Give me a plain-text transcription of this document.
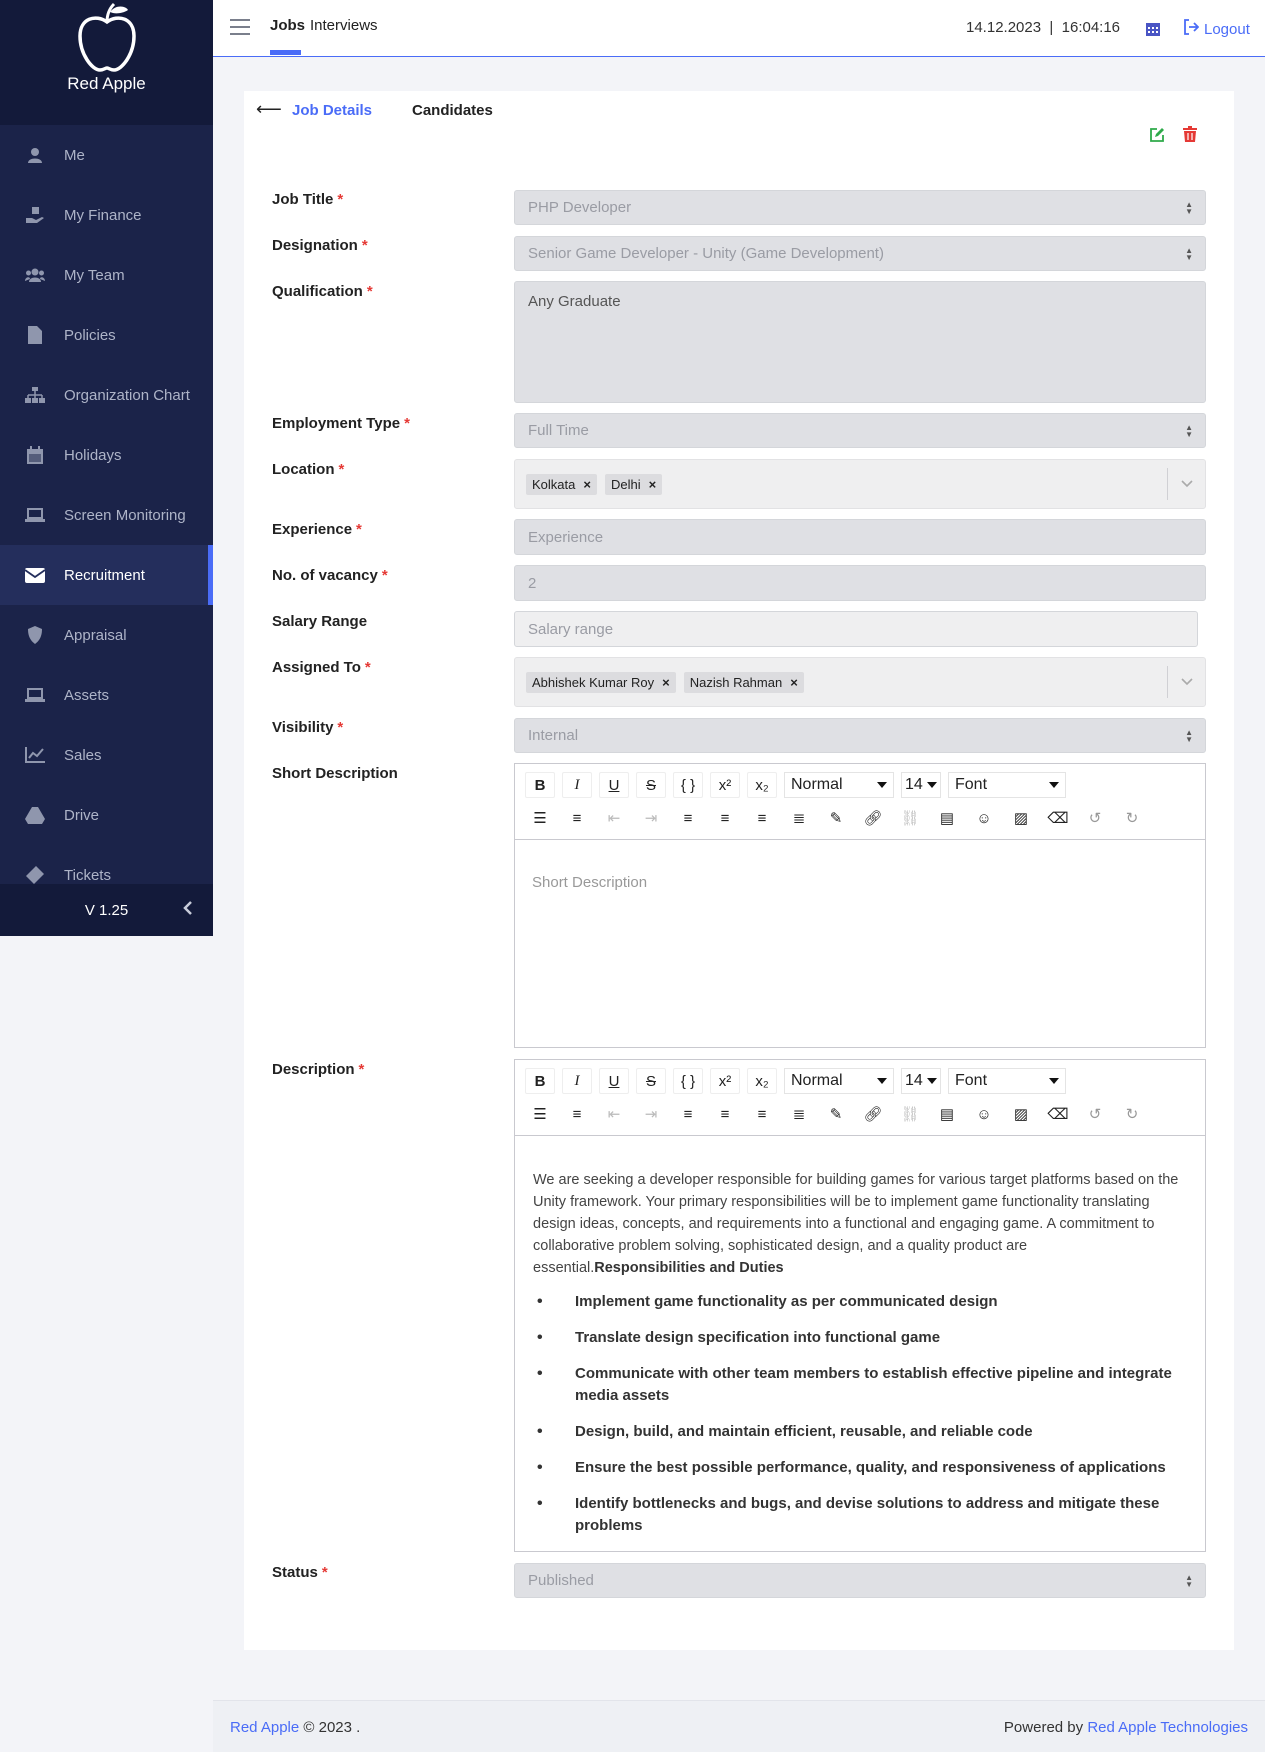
Red Apple
Me
My Finance
My Team
Policies
Organization Chart
Holidays
Screen Monitoring
Recruitment
Appraisal
Assets
Sales
Drive
Tickets
V 1.25
Jobs Interviews	14.12.2023  |  16:04:16	Logout
⟵ Job Details	Candidates
Job Title *	PHP Developer	▲
▼
Designation *	Senior Game Developer - Unity (Game Development)	▲
▼
Qualification *
Any Graduate
Employment Type *	Full Time	▲
▼
Location *
Kolkata × Delhi ×
Experience *	Experience
No. of vacancy *	2
Salary Range	Salary range
Assigned To *
Abhishek Kumar Roy × Nazish Rahman ×
Visibility *	Internal	▲
▼
Short Description
B I U S	{ }	x²	x₂	Normal	14 Font
☰	≡	⇤	⇥	≡	≡	≡	≣	✎	🔗︎	⛓	▤	☺	▨	⌫	↺	↻
Short Description
Description *
B I U S	{ }	x²	x₂	Normal	14 Font
☰	≡	⇤	⇥	≡	≡	≡	≣	✎	🔗︎	⛓	▤	☺	▨	⌫	↺	↻
We are seeking a developer responsible for building games for various target platforms based on the Unity framework. Your primary responsibilities will be to implement game functionality translating design ideas, concepts, and requirements into a functional and engaging game. A commitment to collaborative problem solving, sophisticated design, and a quality product are essential.Responsibilities and Duties
• Implement game functionality as per communicated design
• Translate design specification into functional game
• Communicate with other team members to establish effective pipeline and integrate media assets
• Design, build, and maintain efficient, reusable, and reliable code
• Ensure the best possible performance, quality, and responsiveness of applications
• Identify bottlenecks and bugs, and devise solutions to address and mitigate these problems
Status *	Published	▲
▼
Red Apple © 2023 .	Powered by Red Apple Technologies
